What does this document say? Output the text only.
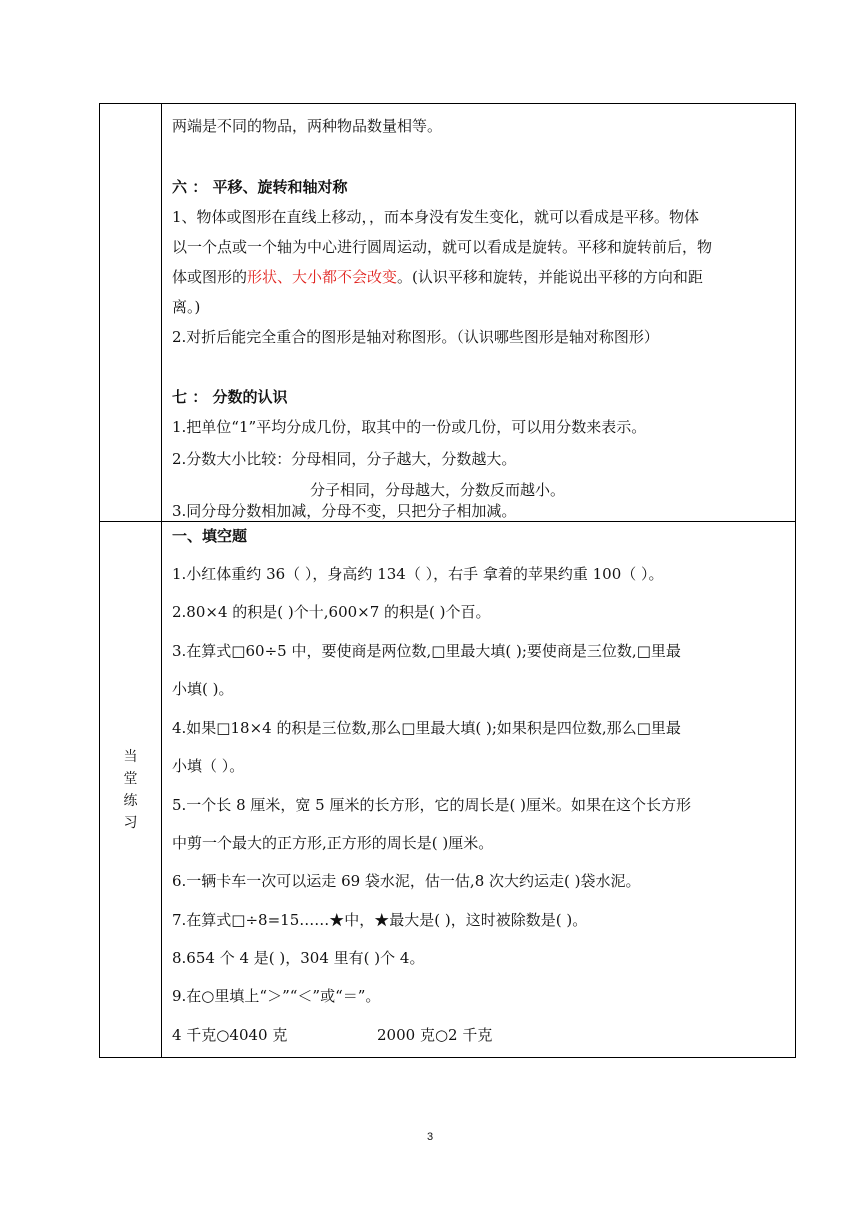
两端是不同的物品，两种物品数量相等。
六 ： 平移、旋转和轴对称
1、物体或图形在直线上移动，，而本身没有发生变化，就可以看成是平移。物体
以一个点或一个轴为中心进行圆周运动，就可以看成是旋转。平移和旋转前后，物
体或图形的形状、大小都不会改变。(认识平移和旋转，并能说出平移的方向和距
离。)
2.对折后能完全重合的图形是轴对称图形。（认识哪些图形是轴对称图形）
七 ： 分数的认识
1.把单位“1”平均分成几份，取其中的一份或几份，可以用分数来表示。
2.分数大小比较：分母相同，分子越大，分数越大。
分子相同，分母越大，分数反而越小。
3.同分母分数相加减，分母不变，只把分子相加减。
当
堂
练
习
一、填空题
1.小红体重约 36（ ），身高约 134（ ），右手 拿着的苹果约重 100（ ）。
2.80×4 的积是( )个十,600×7 的积是( )个百。
3.在算式□60÷5 中，要使商是两位数,□里最大填( );要使商是三位数,□里最
小填( )。
4.如果□18×4 的积是三位数,那么□里最大填( );如果积是四位数,那么□里最
小填（ ）。
5.一个长 8 厘米，宽 5 厘米的长方形，它的周长是( )厘米。如果在这个长方形
中剪一个最大的正方形,正方形的周长是( )厘米。
6.一辆卡车一次可以运走 69 袋水泥，估一估,8 次大约运走( )袋水泥。
7.在算式□÷8=15……★中，★最大是( )，这时被除数是( )。
8.654 个 4 是( )，304 里有( )个 4。
9.在○里填上“＞”“＜”或“＝”。
4 千克○4040 克	2000 克○2 千克
3
